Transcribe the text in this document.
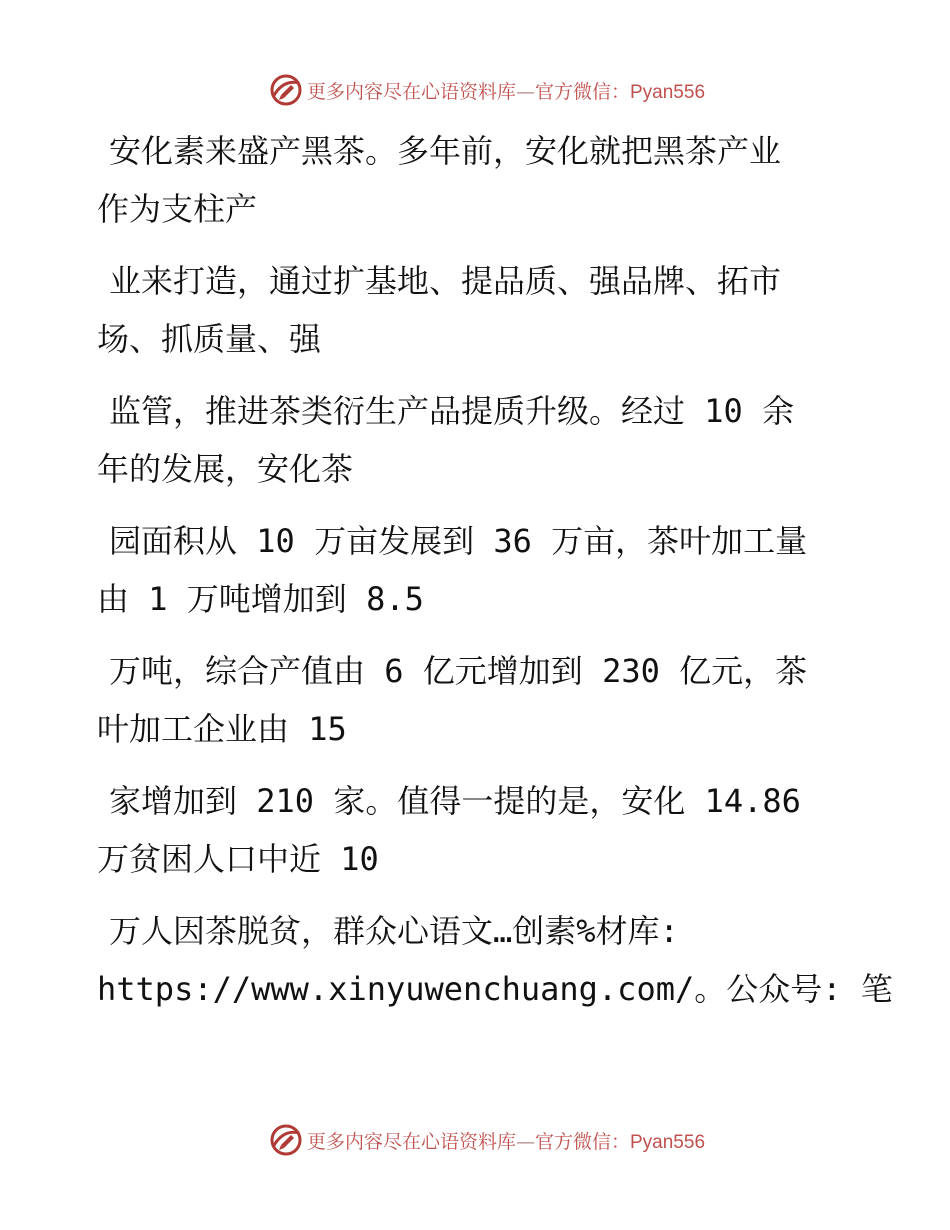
更多内容尽在心语资料库—官方微信：Pyan556
安化素来盛产黑茶。多年前，安化就把黑茶产业
作为支柱产
业来打造，通过扩基地、提品质、强品牌、拓市
场、抓质量、强
监管，推进茶类衍生产品提质升级。经过 10 余
年的发展，安化茶
园面积从 10 万亩发展到 36 万亩，茶叶加工量
由 1 万吨增加到 8.5
万吨，综合产值由 6 亿元增加到 230 亿元，茶
叶加工企业由 15
家增加到 210 家。值得一提的是，安化 14.86
万贫困人口中近 10
万人因茶脱贫，群众心语文…创素%材库:
https://www.xinyuwenchuang.com/。公众号: 笔
更多内容尽在心语资料库—官方微信：Pyan556
